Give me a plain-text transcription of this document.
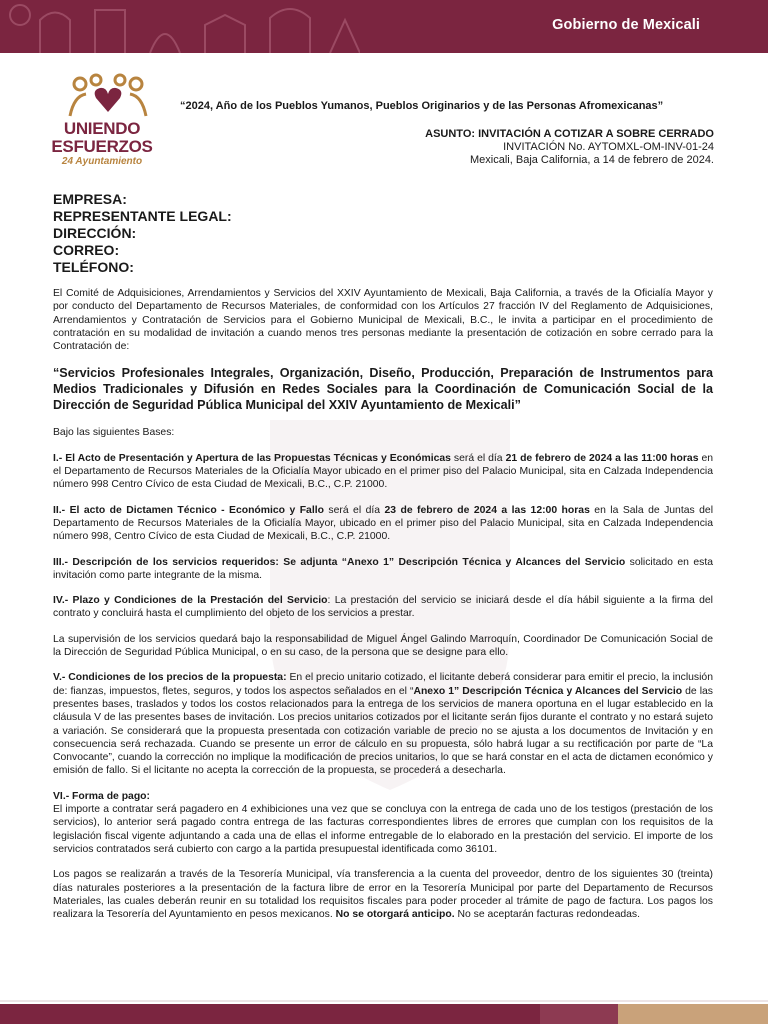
Gobierno de Mexicali
UNIENDO
ESFUERZOS
24 Ayuntamiento
“2024, Año de los Pueblos Yumanos, Pueblos Originarios y de las Personas Afromexicanas”
ASUNTO: INVITACIÓN A COTIZAR A SOBRE CERRADO
INVITACIÓN No. AYTOMXL-OM-INV-01-24
Mexicali, Baja California, a 14 de febrero de 2024.
EMPRESA:
REPRESENTANTE LEGAL:
DIRECCIÓN:
CORREO:
TELÉFONO:

El Comité de Adquisiciones, Arrendamientos y Servicios del XXIV Ayuntamiento de Mexicali, Baja California, a través de la Oficialía Mayor y por conducto del Departamento de Recursos Materiales, de conformidad con los Artículos 27 fracción IV del Reglamento de Adquisiciones, Arrendamientos y Contratación de Servicios para el Gobierno Municipal de Mexicali, B.C., le invita a participar en el procedimiento de contratación en su modalidad de invitación a cuando menos tres personas mediante la presentación de cotización en sobre cerrado para la Contratación de:

“Servicios Profesionales Integrales, Organización, Diseño, Producción, Preparación de Instrumentos para Medios Tradicionales y Difusión en Redes Sociales para la Coordinación de Comunicación Social de la Dirección de Seguridad Pública Municipal del XXIV Ayuntamiento de Mexicali”

Bajo las siguientes Bases:

I.- El Acto de Presentación y Apertura de las Propuestas Técnicas y Económicas será el día 21 de febrero de 2024 a las 11:00 horas en el Departamento de Recursos Materiales de la Oficialía Mayor ubicado en el primer piso del Palacio Municipal, sita en Calzada Independencia número 998 Centro Cívico de esta Ciudad de Mexicali, B.C., C.P. 21000.

II.- El acto de Dictamen Técnico - Económico y Fallo será el día 23 de febrero de 2024 a las 12:00 horas en la Sala de Juntas del Departamento de Recursos Materiales de la Oficialía Mayor, ubicado en el primer piso del Palacio Municipal, sita en Calzada Independencia número 998, Centro Cívico de esta Ciudad de Mexicali, B.C., C.P. 21000.

III.- Descripción de los servicios requeridos: Se adjunta “Anexo 1” Descripción Técnica y Alcances del Servicio solicitado en esta invitación como parte integrante de la misma.

IV.- Plazo y Condiciones de la Prestación del Servicio: La prestación del servicio se iniciará desde el día hábil siguiente a la firma del contrato y concluirá hasta el cumplimiento del objeto de los servicios a prestar.

La supervisión de los servicios quedará bajo la responsabilidad de Miguel Ángel Galindo Marroquín, Coordinador De Comunicación Social de la Dirección de Seguridad Pública Municipal, o en su caso, de la persona que se designe para ello.

V.- Condiciones de los precios de la propuesta: En el precio unitario cotizado, el licitante deberá considerar para emitir el precio, la inclusión de: fianzas, impuestos, fletes, seguros, y todos los aspectos señalados en el “Anexo 1” Descripción Técnica y Alcances del Servicio de las presentes bases, traslados y todos los costos relacionados para la entrega de los servicios de manera oportuna en el lugar establecido en la cláusula V de las presentes bases de invitación. Los precios unitarios cotizados por el licitante serán fijos durante el contrato y no estará sujeto a variación. Se considerará que la propuesta presentada con cotización variable de precio no se ajusta a los documentos de Invitación y en consecuencia será rechazada. Cuando se presente un error de cálculo en su propuesta, sólo habrá lugar a su rectificación por parte de “La Convocante”, cuando la corrección no implique la modificación de precios unitarios, lo que se hará constar en el acta de dictamen económico y emisión de fallo. Si el licitante no acepta la corrección de la propuesta, se procederá a desecharla.

VI.- Forma de pago:
El importe a contratar será pagadero en 4 exhibiciones una vez que se concluya con la entrega de cada uno de los testigos (prestación de los servicios), lo anterior será pagado contra entrega de las facturas correspondientes libres de errores que cumplan con los requisitos de la legislación fiscal vigente adjuntando a cada una de ellas el informe entregable de lo elaborado en la prestación del servicio. El importe de los servicios contratados será cubierto con cargo a la partida presupuestal identificada como 36101.

Los pagos se realizarán a través de la Tesorería Municipal, vía transferencia a la cuenta del proveedor, dentro de los siguientes 30 (treinta) días naturales posteriores a la presentación de la factura libre de error en la Tesorería Municipal por parte del Departamento de Recursos Materiales, las cuales deberán reunir en su totalidad los requisitos fiscales para poder proceder al trámite de pago de factura. Los pagos los realizara la Tesorería del Ayuntamiento en pesos mexicanos. No se otorgará anticipo. No se aceptarán facturas redondeadas.
